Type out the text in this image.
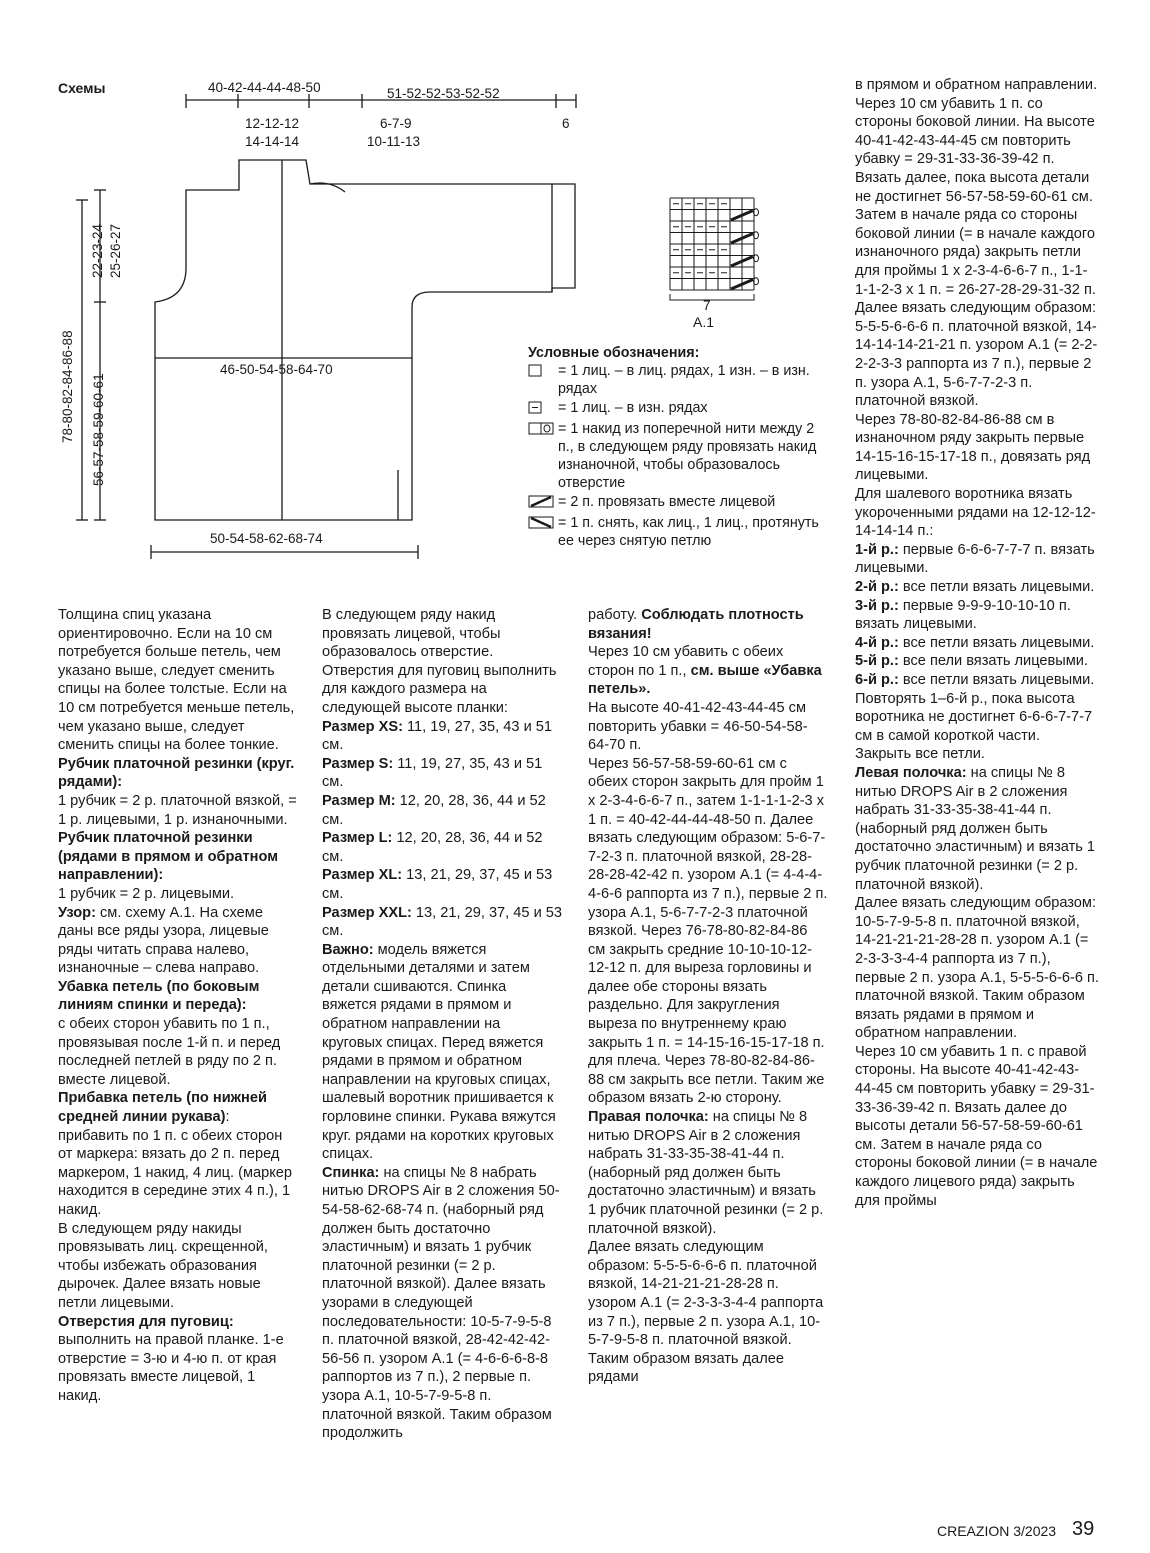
Схемы	40-42-44-44-48-50	51-52-52-53-52-52
12-12-12
14-14-14
6-7-9
10-11-13
6
46-50-54-58-64-70
50-54-58-62-68-74
22-23-24 25-26-27
78-80-82-84-86-88 56-57-58-59-60-61
7
A.1
Условные обозначения:
= 1 лиц. – в лиц. рядах, 1 изн. – в изн. рядах
= 1 лиц. – в изн. рядах
= 1 накид из поперечной нити между 2 п., в следующем ряду провязать накид изнаночной, чтобы образовалось отверстие
= 2 п. провязать вместе лицевой
= 1 п. снять, как лиц., 1 лиц., протянуть ее через снятую петлю

Толщина спиц указана ориентировочно. Если на 10 см потребуется больше петель, чем указано выше, следует сменить спицы на более толстые. Если на 10 см потребуется меньше петель, чем указано выше, следует сменить спицы на более тонкие.

Рубчик платочной резинки (круг. рядами):

1 рубчик = 2 р. платочной вязкой, = 1 р. лицевыми, 1 р. изнаночными.

Рубчик платочной резинки (рядами в прямом и обратном направлении):

1 рубчик = 2 р. лицевыми.

Узор: см. схему А.1. На схеме даны все ряды узора, лицевые ряды читать справа налево, изнаночные – слева направо.

Убавка петель (по боковым линиям спинки и переда):

с обеих сторон убавить по 1 п., провязывая после 1-й п. и перед последней петлей в ряду по 2 п. вместе лицевой.

Прибавка петель (по нижней средней линии рукава): прибавить по 1 п. с обеих сторон от маркера: вязать до 2 п. перед маркером, 1 накид, 4 лиц. (маркер находится в середине этих 4 п.), 1 накид.

В следующем ряду накиды провязывать лиц. скрещенной, чтобы избежать образования дырочек. Далее вязать новые петли лицевыми.

Отверстия для пуговиц: выполнить на правой планке. 1-е отверстие = 3-ю и 4-ю п. от края провязать вместе лицевой, 1 накид.

В следующем ряду накид провязать лицевой, чтобы образовалось отверстие. Отверстия для пуговиц выполнить для каждого размера на следующей высоте планки:

Размер XS: 11, 19, 27, 35, 43 и 51 см.

Размер S: 11, 19, 27, 35, 43 и 51 см.

Размер M: 12, 20, 28, 36, 44 и 52 см.

Размер L: 12, 20, 28, 36, 44 и 52 см.

Размер XL: 13, 21, 29, 37, 45 и 53 см.

Размер XXL: 13, 21, 29, 37, 45 и 53 см.

Важно: модель вяжется отдельными деталями и затем детали сшиваются. Спинка вяжется рядами в прямом и обратном направлении на круговых спицах. Перед вяжется рядами в прямом и обратном направлении на круговых спицах, шалевый воротник пришивается к горловине спинки. Рукава вяжутся круг. рядами на коротких круговых спицах.

Спинка: на спицы № 8 набрать нитью DROPS Air в 2 сложения 50-54-58-62-68-74 п. (наборный ряд должен быть достаточно эластичным) и вязать 1 рубчик платочной резинки (= 2 р. платочной вязкой). Далее вязать узорами в следующей последовательности: 10-5-7-9-5-8 п. платочной вязкой, 28-42-42-42-56-56 п. узором А.1 (= 4-6-6-6-8-8 раппортов из 7 п.), 2 первые п. узора А.1, 10-5-7-9-5-8 п. платочной вязкой. Таким образом продолжить

работу. Соблюдать плотность вязания!

Через 10 см убавить с обеих сторон по 1 п., см. выше «Убавка петель».

На высоте 40-41-42-43-44-45 см повторить убавки = 46-50-54-58-64-70 п.

Через 56-57-58-59-60-61 см с обеих сторон закрыть для пройм 1 х 2-3-4-6-6-7 п., затем 1-1-1-1-2-3 х 1 п. = 40-42-44-44-48-50 п. Далее вязать следующим образом: 5-6-7-7-2-3 п. платочной вязкой, 28-28-28-28-42-42 п. узором А.1 (= 4-4-4-4-6-6 раппорта из 7 п.), первые 2 п. узора А.1, 5-6-7-7-2-3 платочной вязкой. Через 76-78-80-82-84-86 см закрыть средние 10-10-10-12-12-12 п. для выреза горловины и далее обе стороны вязать раздельно. Для закругления выреза по внутреннему краю закрыть 1 п. = 14-15-16-15-17-18 п. для плеча. Через 78-80-82-84-86-88 см закрыть все петли. Таким же образом вязать 2-ю сторону.

Правая полочка: на спицы № 8 нитью DROPS Air в 2 сложения набрать 31-33-35-38-41-44 п. (наборный ряд должен быть достаточно эластичным) и вязать 1 рубчик платочной резинки (= 2 р. платочной вязкой).

Далее вязать следующим образом: 5-5-5-6-6-6 п. платочной вязкой, 14-21-21-21-28-28 п. узором А.1 (= 2-3-3-3-4-4 раппорта из 7 п.), первые 2 п. узора А.1, 10-5-7-9-5-8 п. платочной вязкой. Таким образом вязать далее рядами

в прямом и обратном направлении. Через 10 см убавить 1 п. со стороны боковой линии. На высоте 40-41-42-43-44-45 см повторить убавку = 29-31-33-36-39-42 п.

Вязать далее, пока высота детали не достигнет 56-57-58-59-60-61 см.

Затем в начале ряда со стороны боковой линии (= в начале каждого изнаночного ряда) закрыть петли для проймы 1 х 2-3-4-6-6-7 п., 1-1-1-1-2-3 х 1 п. = 26-27-28-29-31-32 п.

Далее вязать следующим образом: 5-5-5-6-6-6 п. платочной вязкой, 14-14-14-14-21-21 п. узором А.1 (= 2-2-2-2-3-3 раппорта из 7 п.), первые 2 п. узора А.1, 5-6-7-7-2-3 п. платочной вязкой.

Через 78-80-82-84-86-88 см в изнаночном ряду закрыть первые 14-15-16-15-17-18 п., довязать ряд лицевыми.

Для шалевого воротника вязать укороченными рядами на 12-12-12-14-14-14 п.:

1-й р.: первые 6-6-6-7-7-7 п. вязать лицевыми.

2-й р.: все петли вязать лицевыми.

3-й р.: первые 9-9-9-10-10-10 п. вязать лицевыми.

4-й р.: все петли вязать лицевыми.

5-й р.: все пели вязать лицевыми.

6-й р.: все петли вязать лицевыми.

Повторять 1–6-й р., пока высота воротника не достигнет 6-6-6-7-7-7 см в самой короткой части. Закрыть все петли.

Левая полочка: на спицы № 8 нитью DROPS Air в 2 сложения набрать 31-33-35-38-41-44 п. (наборный ряд должен быть достаточно эластичным) и вязать 1 рубчик платочной резинки (= 2 р. платочной вязкой).

Далее вязать следующим образом: 10-5-7-9-5-8 п. платочной вязкой, 14-21-21-21-28-28 п. узором А.1 (= 2-3-3-3-4-4 раппорта из 7 п.), первые 2 п. узора А.1, 5-5-5-6-6-6 п. платочной вязкой. Таким образом вязать рядами в прямом и обратном направлении.

Через 10 см убавить 1 п. с правой стороны. На высоте 40-41-42-43-44-45 см повторить убавку = 29-31-33-36-39-42 п. Вязать далее до высоты детали 56-57-58-59-60-61 см. Затем в начале ряда со стороны боковой линии (= в начале каждого лицевого ряда) закрыть для проймы

CREAZION 3/2023 39
